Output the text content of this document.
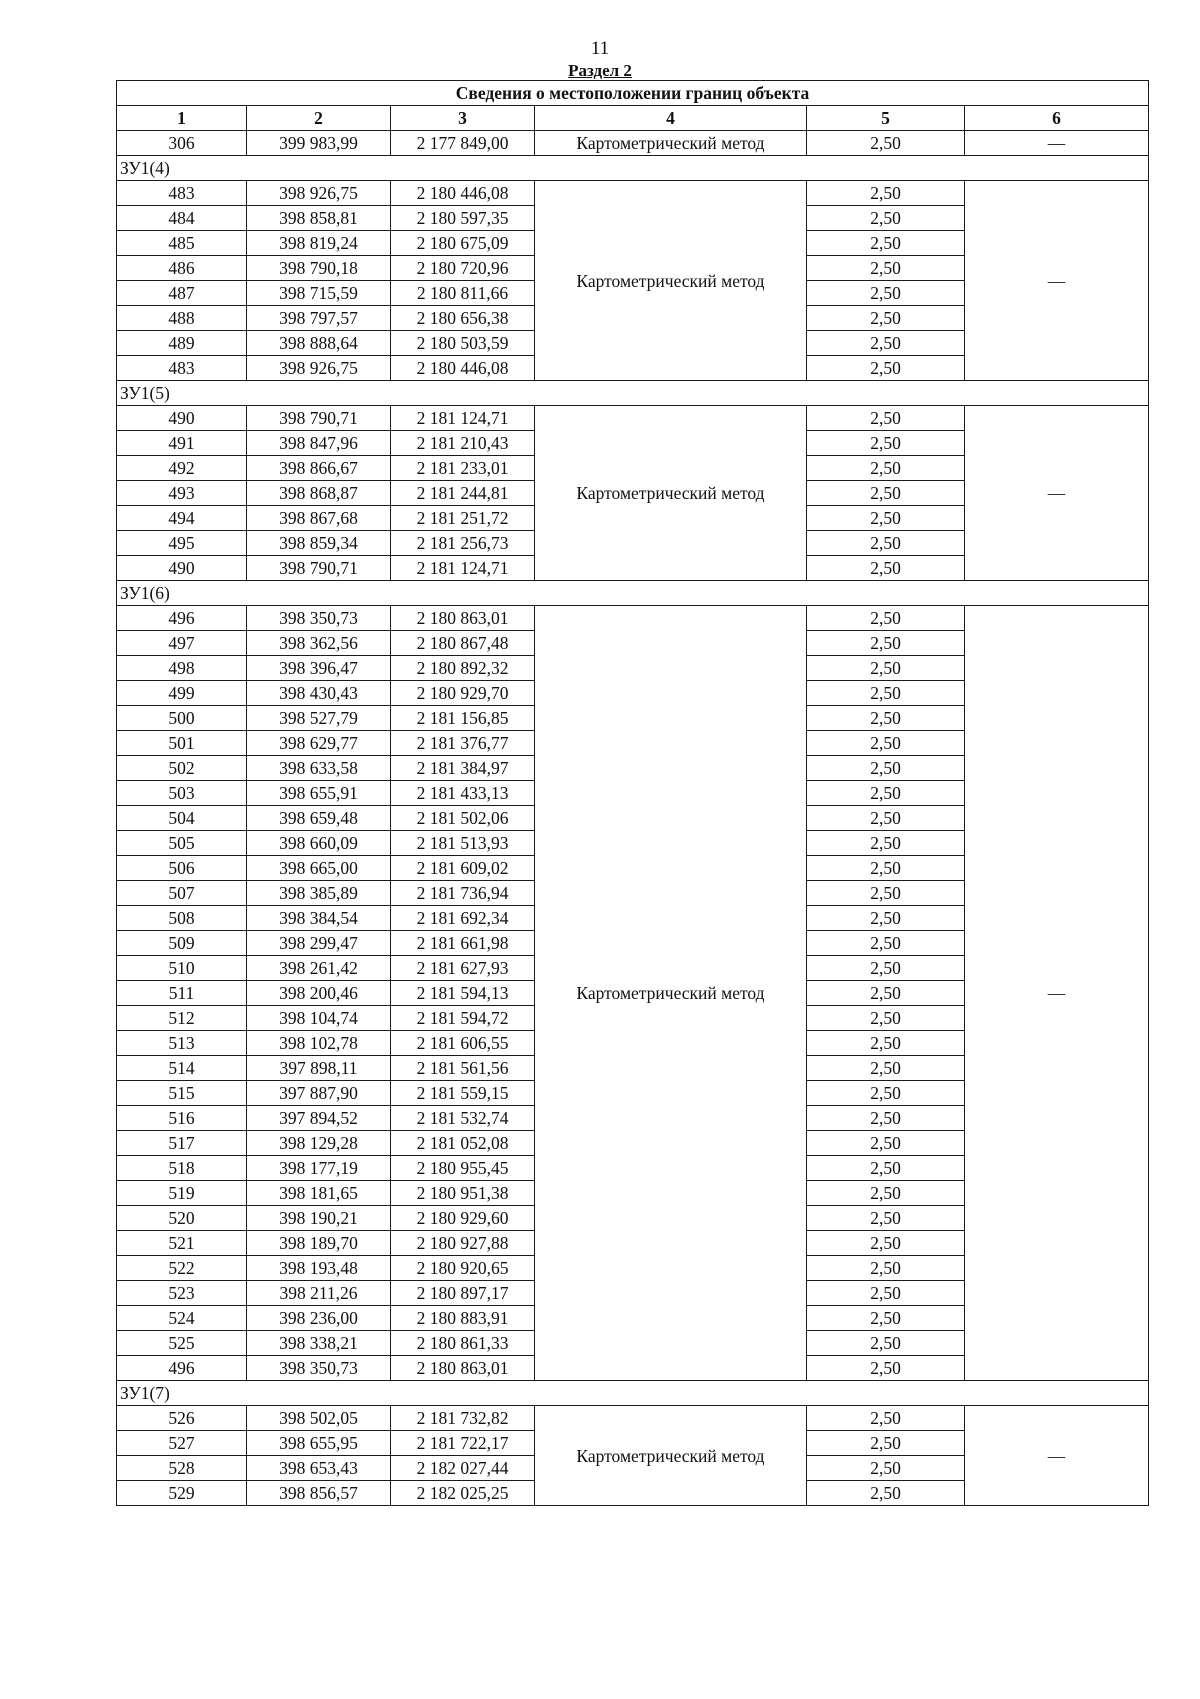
11
Раздел 2
Сведения о местоположении границ объекта					
1	2	3	4	5	6
306	399 983,99	2 177 849,00	Картометрический метод	2,50	—
ЗУ1(4)					
483	398 926,75	2 180 446,08	Картометрический метод	2,50	—
484	398 858,81	2 180 597,35		2,50	
485	398 819,24	2 180 675,09		2,50	
486	398 790,18	2 180 720,96		2,50	
487	398 715,59	2 180 811,66		2,50	
488	398 797,57	2 180 656,38		2,50	
489	398 888,64	2 180 503,59		2,50	
483	398 926,75	2 180 446,08		2,50	
ЗУ1(5)					
490	398 790,71	2 181 124,71	Картометрический метод	2,50	—
491	398 847,96	2 181 210,43		2,50	
492	398 866,67	2 181 233,01		2,50	
493	398 868,87	2 181 244,81		2,50	
494	398 867,68	2 181 251,72		2,50	
495	398 859,34	2 181 256,73		2,50	
490	398 790,71	2 181 124,71		2,50	
ЗУ1(6)					
496	398 350,73	2 180 863,01	Картометрический метод	2,50	—
497	398 362,56	2 180 867,48		2,50	
498	398 396,47	2 180 892,32		2,50	
499	398 430,43	2 180 929,70		2,50	
500	398 527,79	2 181 156,85		2,50	
501	398 629,77	2 181 376,77		2,50	
502	398 633,58	2 181 384,97		2,50	
503	398 655,91	2 181 433,13		2,50	
504	398 659,48	2 181 502,06		2,50	
505	398 660,09	2 181 513,93		2,50	
506	398 665,00	2 181 609,02		2,50	
507	398 385,89	2 181 736,94		2,50	
508	398 384,54	2 181 692,34		2,50	
509	398 299,47	2 181 661,98		2,50	
510	398 261,42	2 181 627,93		2,50	
511	398 200,46	2 181 594,13		2,50	
512	398 104,74	2 181 594,72		2,50	
513	398 102,78	2 181 606,55		2,50	
514	397 898,11	2 181 561,56		2,50	
515	397 887,90	2 181 559,15		2,50	
516	397 894,52	2 181 532,74		2,50	
517	398 129,28	2 181 052,08		2,50	
518	398 177,19	2 180 955,45		2,50	
519	398 181,65	2 180 951,38		2,50	
520	398 190,21	2 180 929,60		2,50	
521	398 189,70	2 180 927,88		2,50	
522	398 193,48	2 180 920,65		2,50	
523	398 211,26	2 180 897,17		2,50	
524	398 236,00	2 180 883,91		2,50	
525	398 338,21	2 180 861,33		2,50	
496	398 350,73	2 180 863,01		2,50	
ЗУ1(7)					
526	398 502,05	2 181 732,82	Картометрический метод	2,50	—
527	398 655,95	2 181 722,17		2,50	
528	398 653,43	2 182 027,44		2,50	
529	398 856,57	2 182 025,25		2,50	
